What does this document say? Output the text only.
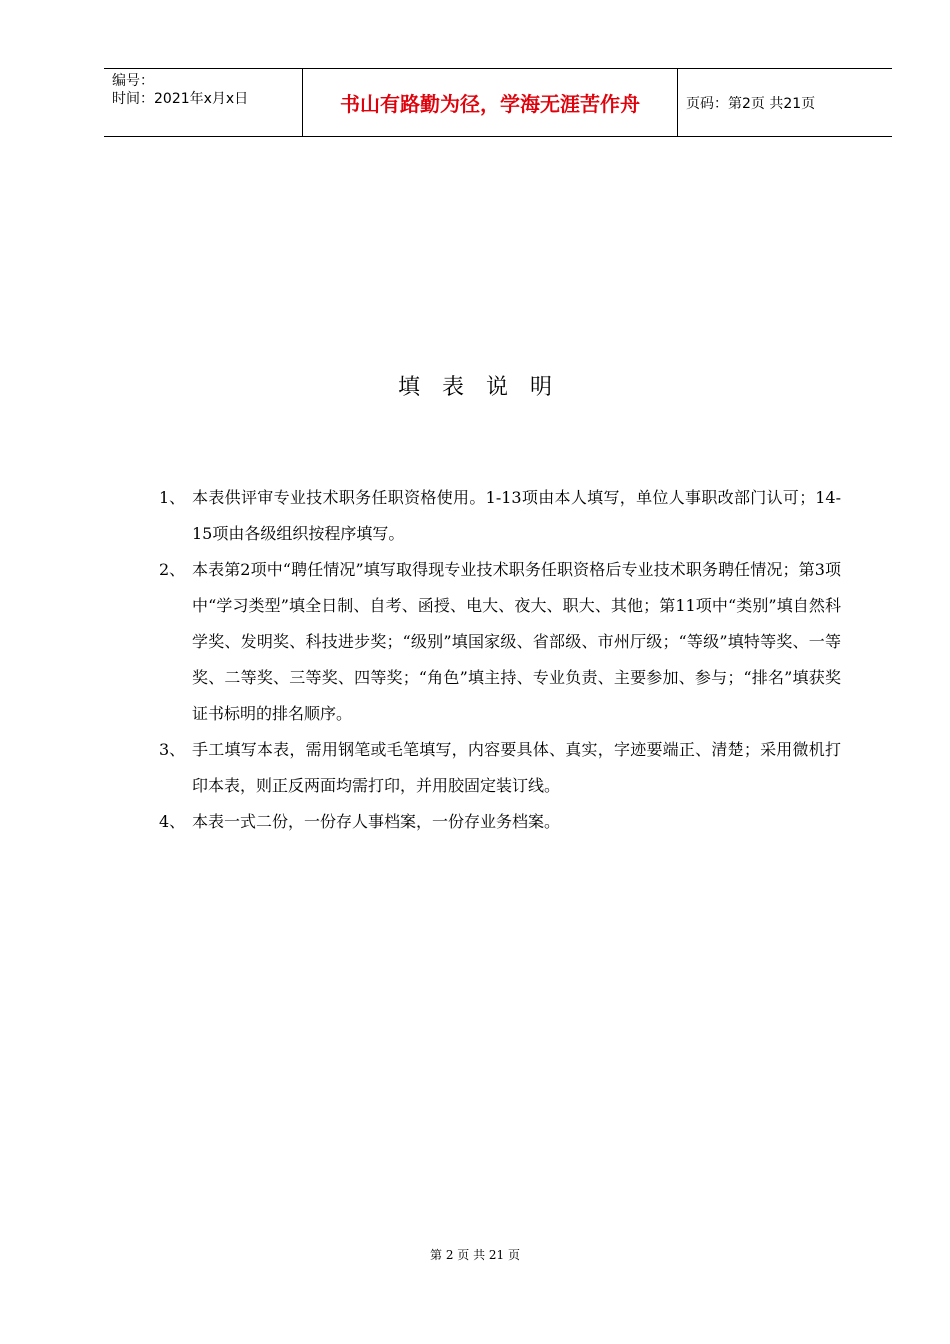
编号：
时间：2021年x月x日	书山有路勤为径，学海无涯苦作舟	页码：第2页 共21页
填表说明
1、 本表供评审专业技术职务任职资格使用。1-13项由本人填写，单位人事职改部门认可；14-15项由各级组织按程序填写。
2、 本表第2项中“聘任情况”填写取得现专业技术职务任职资格后专业技术职务聘任情况；第3项中“学习类型”填全日制、自考、函授、电大、夜大、职大、其他；第11项中“类别”填自然科学奖、发明奖、科技进步奖；“级别”填国家级、省部级、市州厅级；“等级”填特等奖、一等奖、二等奖、三等奖、四等奖；“角色”填主持、专业负责、主要参加、参与；“排名”填获奖证书标明的排名顺序。
3、 手工填写本表，需用钢笔或毛笔填写，内容要具体、真实，字迹要端正、清楚；采用微机打印本表，则正反两面均需打印，并用胶固定装订线。
4、 本表一式二份，一份存人事档案，一份存业务档案。
第 2 页 共 21 页
